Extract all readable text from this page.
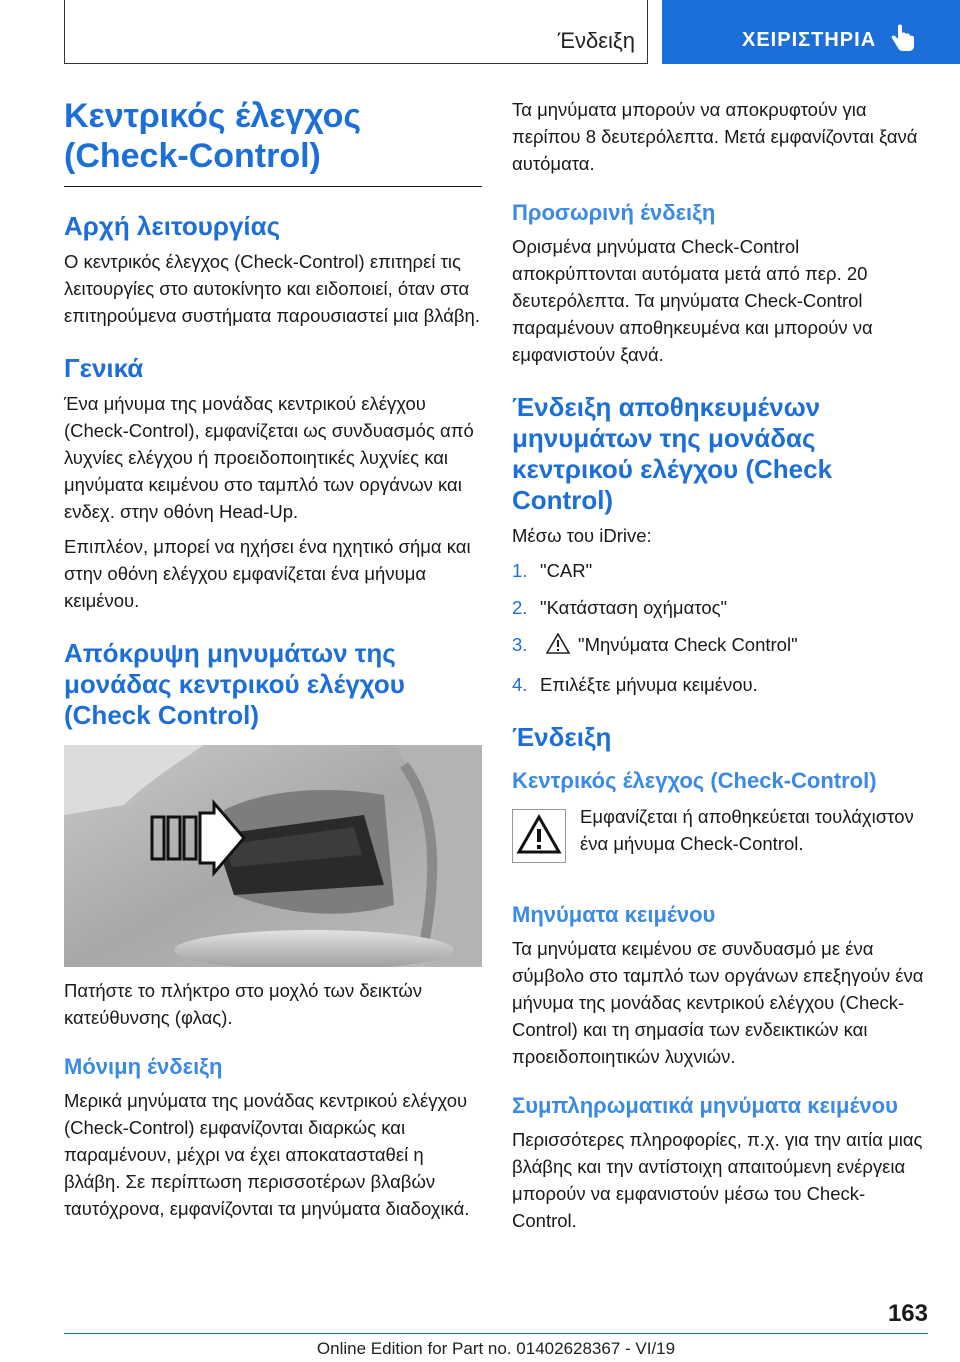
Ένδειξη	ΧΕΙΡΙΣΤΗΡΙΑ
Κεντρικός έλεγχος (Check-Control)
Αρχή λειτουργίας

Ο κεντρικός έλεγχος (Check-Control) επιτηρεί τις λειτουργίες στο αυτοκίνητο και ειδοποιεί, όταν στα επιτηρούμενα συστήματα παρουσιαστεί μια βλάβη.

Γενικά

Ένα μήνυμα της μονάδας κεντρικού ελέγχου (Check-Control), εμφανίζεται ως συνδυασμός από λυχνίες ελέγχου ή προειδοποιητικές λυχνίες και μηνύματα κειμένου στο ταμπλό των οργάνων και ενδεχ. στην οθόνη Head-Up.

Επιπλέον, μπορεί να ηχήσει ένα ηχητικό σήμα και στην οθόνη ελέγχου εμφανίζεται ένα μήνυμα κειμένου.

Απόκρυψη μηνυμάτων της μονάδας κεντρικού ελέγχου (Check Control)

Πατήστε το πλήκτρο στο μοχλό των δεικτών κατεύθυνσης (φλας).

Μόνιμη ένδειξη

Μερικά μηνύματα της μονάδας κεντρικού ελέγχου (Check-Control) εμφανίζονται διαρκώς και παραμένουν, μέχρι να έχει αποκατασταθεί η βλάβη. Σε περίπτωση περισσοτέρων βλαβών ταυτόχρονα, εμφανίζονται τα μηνύματα διαδοχικά.

Τα μηνύματα μπορούν να αποκρυφτούν για περίπου 8 δευτερόλεπτα. Μετά εμφανίζονται ξανά αυτόματα.

Προσωρινή ένδειξη

Ορισμένα μηνύματα Check-Control αποκρύπτονται αυτόματα μετά από περ. 20 δευτερόλεπτα. Τα μηνύματα Check-Control παραμένουν αποθηκευμένα και μπορούν να εμφανιστούν ξανά.

Ένδειξη αποθηκευμένων μηνυμάτων της μονάδας κεντρικού ελέγχου (Check Control)

Μέσω του iDrive:

1. "CAR"
2. "Κατάσταση οχήματος"
3.	"Μηνύματα Check Control"
4. Επιλέξτε μήνυμα κειμένου.
Ένδειξη
Κεντρικός έλεγχος (Check-Control)

Εμφανίζεται ή αποθηκεύεται τουλάχιστον ένα μήνυμα Check-Control.

Μηνύματα κειμένου

Τα μηνύματα κειμένου σε συνδυασμό με ένα σύμβολο στο ταμπλό των οργάνων επεξηγούν ένα μήνυμα της μονάδας κεντρικού ελέγχου (Check-Control) και τη σημασία των ενδεικτικών και προειδοποιητικών λυχνιών.

Συμπληρωματικά μηνύματα κειμένου

Περισσότερες πληροφορίες, π.χ. για την αιτία μιας βλάβης και την αντίστοιχη απαιτούμενη ενέργεια μπορούν να εμφανιστούν μέσω του Check-Control.

163
Online Edition for Part no. 01402628367 - VI/19
